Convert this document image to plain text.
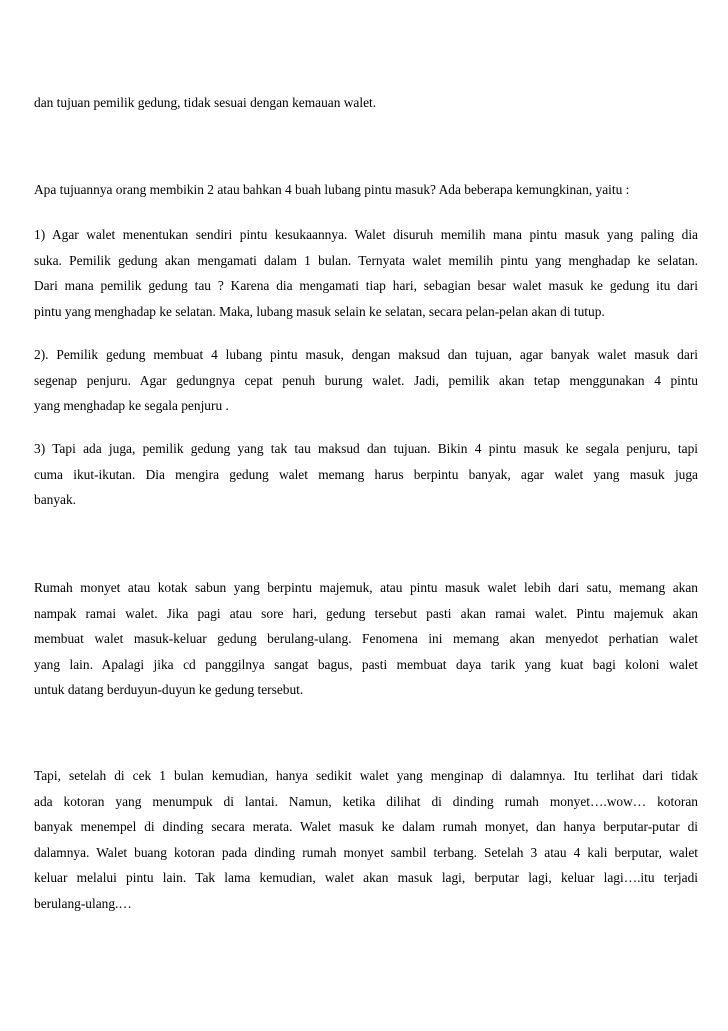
dan tujuan pemilik gedung, tidak sesuai dengan kemauan walet.
Apa tujuannya orang membikin 2 atau bahkan 4 buah lubang pintu masuk? Ada beberapa kemungkinan, yaitu :
1) Agar walet menentukan sendiri pintu kesukaannya. Walet disuruh memilih mana pintu masuk yang paling dia
suka. Pemilik gedung akan mengamati dalam 1 bulan. Ternyata walet memilih pintu yang menghadap ke selatan.
Dari mana pemilik gedung tau ? Karena dia mengamati tiap hari, sebagian besar walet masuk ke gedung itu dari
pintu yang menghadap ke selatan. Maka, lubang masuk selain ke selatan, secara pelan-pelan akan di tutup.
2). Pemilik gedung membuat 4 lubang pintu masuk, dengan maksud dan tujuan, agar banyak walet masuk dari
segenap penjuru. Agar gedungnya cepat penuh burung walet. Jadi, pemilik akan tetap menggunakan 4 pintu
yang menghadap ke segala penjuru .
3) Tapi ada juga, pemilik gedung yang tak tau maksud dan tujuan. Bikin 4 pintu masuk ke segala penjuru, tapi
cuma ikut-ikutan. Dia mengira gedung walet memang harus berpintu banyak, agar walet yang masuk juga
banyak.
Rumah monyet atau kotak sabun yang berpintu majemuk, atau pintu masuk walet lebih dari satu, memang akan
nampak ramai walet. Jika pagi atau sore hari, gedung tersebut pasti akan ramai walet. Pintu majemuk akan
membuat walet masuk-keluar gedung berulang-ulang. Fenomena ini memang akan menyedot perhatian walet
yang lain. Apalagi jika cd panggilnya sangat bagus, pasti membuat daya tarik yang kuat bagi koloni walet
untuk datang berduyun-duyun ke gedung tersebut.
Tapi, setelah di cek 1 bulan kemudian, hanya sedikit walet yang menginap di dalamnya. Itu terlihat dari tidak
ada kotoran yang menumpuk di lantai. Namun, ketika dilihat di dinding rumah monyet….wow… kotoran
banyak menempel di dinding secara merata. Walet masuk ke dalam rumah monyet, dan hanya berputar-putar di
dalamnya. Walet buang kotoran pada dinding rumah monyet sambil terbang. Setelah 3 atau 4 kali berputar, walet
keluar melalui pintu lain. Tak lama kemudian, walet akan masuk lagi, berputar lagi, keluar lagi….itu terjadi
berulang-ulang.…
